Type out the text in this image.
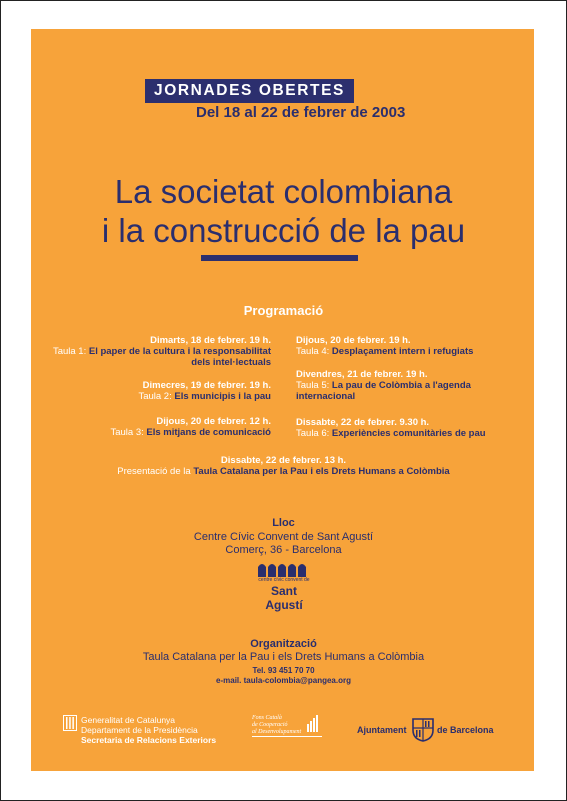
JORNADES OBERTES
Del 18 al 22 de febrer de 2003
La societat colombiana
i la construcció de la pau
Programació
Dimarts, 18 de febrer. 19 h.
Taula 1: El paper de la cultura i la responsabilitat
dels intel·lectuals
Dimecres, 19 de febrer. 19 h.
Taula 2: Els municipis i la pau
Dijous, 20 de febrer. 12 h.
Taula 3: Els mitjans de comunicació
Dijous, 20 de febrer. 19 h.
Taula 4: Desplaçament intern i refugiats
Divendres, 21 de febrer. 19 h.
Taula 5: La pau de Colòmbia a l'agenda
internacional
Dissabte, 22 de febrer. 9.30 h.
Taula 6: Experiències comunitàries de pau
Dissabte, 22 de febrer. 13 h.
Presentació de la Taula Catalana per la Pau i els Drets Humans a Colòmbia
Lloc
Centre Cívic Convent de Sant Agustí
Comerç, 36 - Barcelona
centre cívic convent de
Sant Agustí
Organització
Taula Catalana per la Pau i els Drets Humans a Colòmbia
Tel. 93 451 70 70
e-mail. taula-colombia@pangea.org
Generalitat de Catalunya
Departament de la Presidència
Secretaria de Relacions Exteriors
Fons Català
de Cooperació
al Desenvolupament	Ajuntament	de Barcelona
